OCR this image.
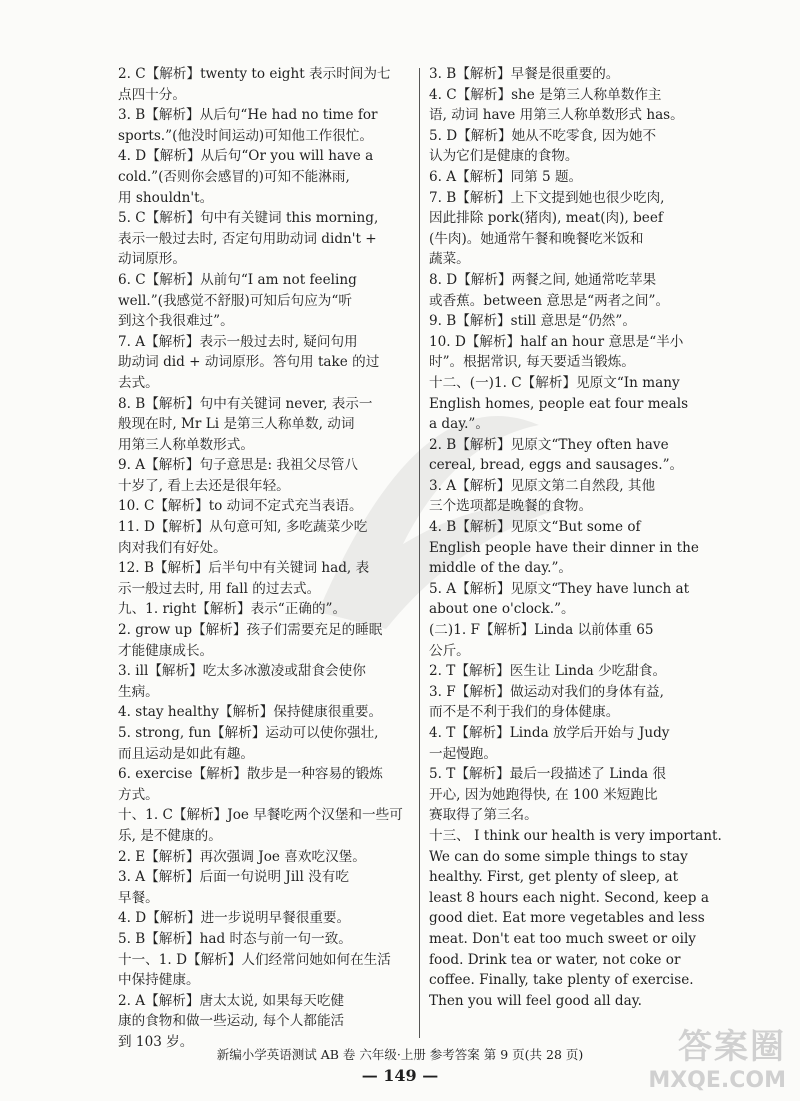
2. C【解析】twenty to eight 表示时间为七
点四十分。
3. B【解析】从后句“He had no time for
sports.”(他没时间运动)可知他工作很忙。
4. D【解析】从后句“Or you will have a
cold.”(否则你会感冒的)可知不能淋雨,
用 shouldn't。
5. C【解析】句中有关键词 this morning,
表示一般过去时, 否定句用助动词 didn't +
动词原形。
6. C【解析】从前句“I am not feeling
well.”(我感觉不舒服)可知后句应为“听
到这个我很难过”。
7. A【解析】表示一般过去时, 疑问句用
助动词 did + 动词原形。答句用 take 的过
去式。
8. B【解析】句中有关键词 never, 表示一
般现在时, Mr Li 是第三人称单数, 动词
用第三人称单数形式。
9. A【解析】句子意思是: 我祖父尽管八
十岁了, 看上去还是很年轻。
10. C【解析】to 动词不定式充当表语。
11. D【解析】从句意可知, 多吃蔬菜少吃
肉对我们有好处。
12. B【解析】后半句中有关键词 had, 表
示一般过去时, 用 fall 的过去式。
九、1. right【解析】表示“正确的”。
2. grow up【解析】孩子们需要充足的睡眠
才能健康成长。
3. ill【解析】吃太多冰激凌或甜食会使你
生病。
4. stay healthy【解析】保持健康很重要。
5. strong, fun【解析】运动可以使你强壮,
而且运动是如此有趣。
6. exercise【解析】散步是一种容易的锻炼
方式。
十、1. C【解析】Joe 早餐吃两个汉堡和一些可
乐, 是不健康的。
2. E【解析】再次强调 Joe 喜欢吃汉堡。
3. A【解析】后面一句说明 Jill 没有吃
早餐。
4. D【解析】进一步说明早餐很重要。
5. B【解析】had 时态与前一句一致。
十一、1. D【解析】人们经常问她如何在生活
中保持健康。
2. A【解析】唐太太说, 如果每天吃健
康的食物和做一些运动, 每个人都能活
到 103 岁。
3. B【解析】早餐是很重要的。
4. C【解析】she 是第三人称单数作主
语, 动词 have 用第三人称单数形式 has。
5. D【解析】她从不吃零食, 因为她不
认为它们是健康的食物。
6. A【解析】同第 5 题。
7. B【解析】上下文提到她也很少吃肉,
因此排除 pork(猪肉), meat(肉), beef
(牛肉)。她通常午餐和晚餐吃米饭和
蔬菜。
8. D【解析】两餐之间, 她通常吃苹果
或香蕉。between 意思是“两者之间”。
9. B【解析】still 意思是“仍然”。
10. D【解析】half an hour 意思是“半小
时”。根据常识, 每天要适当锻炼。
十二、(一)1. C【解析】见原文“In many
English homes, people eat four meals
a day.”。
2. B【解析】见原文“They often have
cereal, bread, eggs and sausages.”。
3. A【解析】见原文第二自然段, 其他
三个选项都是晚餐的食物。
4. B【解析】见原文“But some of
English people have their dinner in the
middle of the day.”。
5. A【解析】见原文“They have lunch at
about one o'clock.”。
(二)1. F【解析】Linda 以前体重 65
公斤。
2. T【解析】医生让 Linda 少吃甜食。
3. F【解析】做运动对我们的身体有益,
而不是不利于我们的身体健康。
4. T【解析】Linda 放学后开始与 Judy
一起慢跑。
5. T【解析】最后一段描述了 Linda 很
开心, 因为她跑得快, 在 100 米短跑比
赛取得了第三名。
十三、 I think our health is very important.
We can do some simple things to stay
healthy. First, get plenty of sleep, at
least 8 hours each night. Second, keep a
good diet. Eat more vegetables and less
meat. Don't eat too much sweet or oily
food. Drink tea or water, not coke or
coffee. Finally, take plenty of exercise.
Then you will feel good all day.
新编小学英语测试 AB 卷 六年级·上册 参考答案 第 9 页(共 28 页)
— 149 —
答案圈
MXQE.COM
